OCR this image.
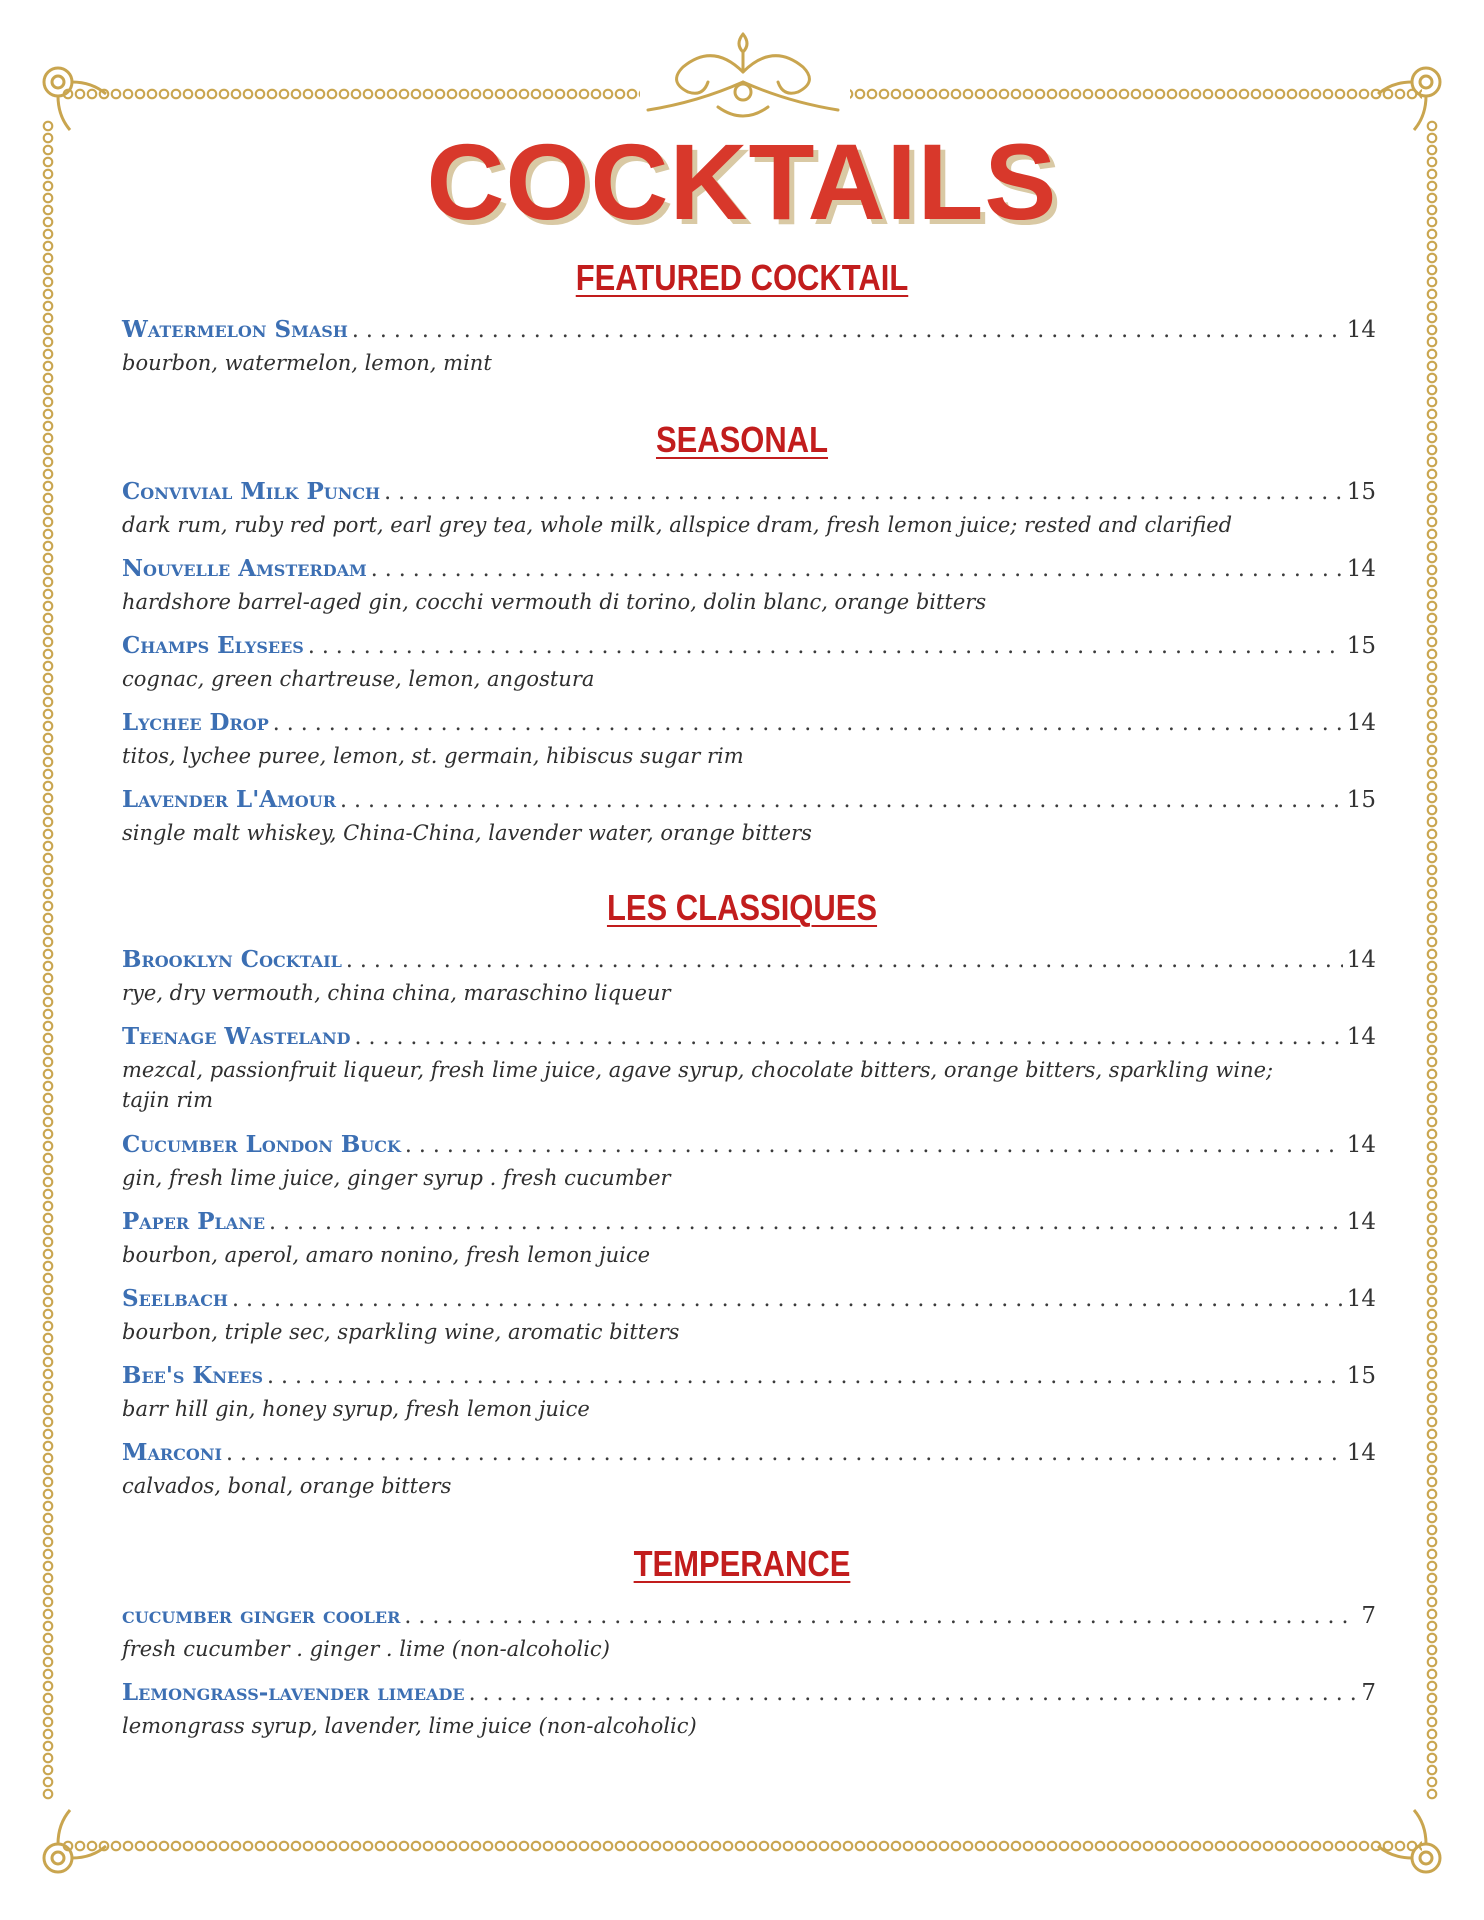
COCKTAILS
FEATURED COCKTAIL
Watermelon Smash . . .	14
bourbon, watermelon, lemon, mint
SEASONAL
Convivial Milk Punch . . .	15
dark rum, ruby red port, earl grey tea, whole milk, allspice dram, fresh lemon juice; rested and clarified
Nouvelle Amsterdam . . .	14
hardshore barrel-aged gin, cocchi vermouth di torino, dolin blanc, orange bitters
Champs Elysees . . .	15
cognac, green chartreuse, lemon, angostura
Lychee Drop . . .	14
titos, lychee puree, lemon, st. germain, hibiscus sugar rim
Lavender L'Amour . . .	15
single malt whiskey, China-China, lavender water, orange bitters
LES CLASSIQUES
Brooklyn Cocktail . . .	14
rye, dry vermouth, china china, maraschino liqueur
Teenage Wasteland . . .	14
mezcal, passionfruit liqueur, fresh lime juice, agave syrup, chocolate bitters, orange bitters, sparkling wine; tajin rim
Cucumber London Buck . . .	14
gin, fresh lime juice, ginger syrup . fresh cucumber
Paper Plane . . .	14
bourbon, aperol, amaro nonino, fresh lemon juice
Seelbach . . .	14
bourbon, triple sec, sparkling wine, aromatic bitters
Bee's Knees . . .	15
barr hill gin, honey syrup, fresh lemon juice
Marconi . . .	14
calvados, bonal, orange bitters
TEMPERANCE
cucumber ginger cooler . . .	7
fresh cucumber . ginger . lime (non-alcoholic)
Lemongrass-lavender limeade . . .	7
lemongrass syrup, lavender, lime juice (non-alcoholic)
